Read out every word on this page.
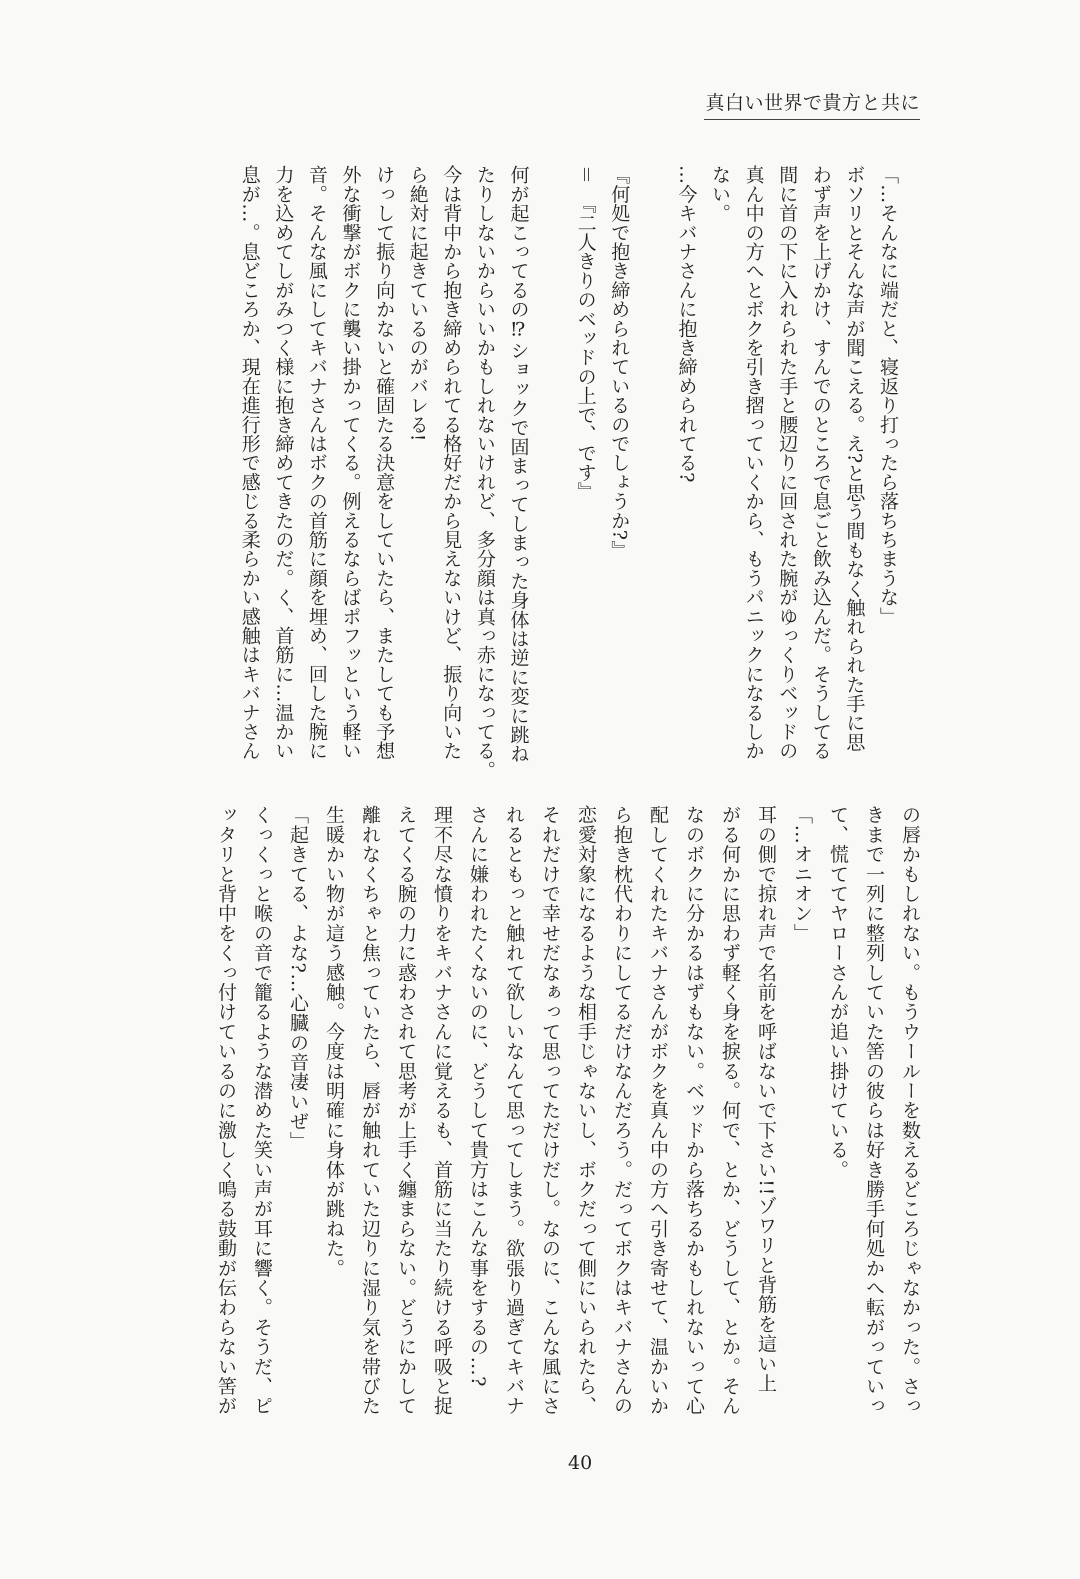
真白い世界で貴方と共に
「…そんなに端だと、寝返り打ったら落ちちまうな」
ボソリとそんな声が聞こえる。え?と思う間もなく触れられた手に思
わず声を上げかけ、すんでのところで息ごと飲み込んだ。そうしてる
間に首の下に入れられた手と腰辺りに回された腕がゆっくりベッドの
真ん中の方へとボクを引き摺っていくから、もうパニックになるしか
ない。
…今キバナさんに抱き締められてる?
『何処で抱き締められているのでしょうか?』
＝　『二人きりのベッドの上で、です』
何が起こってるの⁉ショックで固まってしまった身体は逆に変に跳ね
たりしないからいいかもしれないけれど、多分顔は真っ赤になってる。
今は背中から抱き締められてる格好だから見えないけど、振り向いた
ら絶対に起きているのがバレる!
けっして振り向かないと確固たる決意をしていたら、またしても予想
外な衝撃がボクに襲い掛かってくる。例えるならばポフッという軽い
音。そんな風にしてキバナさんはボクの首筋に顔を埋め、回した腕に
力を込めてしがみつく様に抱き締めてきたのだ。く、首筋に…温かい
息が…。息どころか、現在進行形で感じる柔らかい感触はキバナさん
の唇かもしれない。もうウールーを数えるどころじゃなかった。さっ
きまで一列に整列していた筈の彼らは好き勝手何処かへ転がっていっ
て、慌ててヤローさんが追い掛けている。
「…オニオン」
耳の側で掠れ声で名前を呼ばないで下さい!!ゾワリと背筋を這い上
がる何かに思わず軽く身を捩る。何で、とか、どうして、とか。そん
なのボクに分かるはずもない。ベッドから落ちるかもしれないって心
配してくれたキバナさんがボクを真ん中の方へ引き寄せて、温かいか
ら抱き枕代わりにしてるだけなんだろう。だってボクはキバナさんの
恋愛対象になるような相手じゃないし、ボクだって側にいられたら、
それだけで幸せだなぁって思ってただけだし。なのに、こんな風にさ
れるともっと触れて欲しいなんて思ってしまう。欲張り過ぎてキバナ
さんに嫌われたくないのに、どうして貴方はこんな事をするの…?
理不尽な憤りをキバナさんに覚えるも、首筋に当たり続ける呼吸と捉
えてくる腕の力に惑わされて思考が上手く纏まらない。どうにかして
離れなくちゃと焦っていたら、唇が触れていた辺りに湿り気を帯びた
生暖かい物が這う感触。今度は明確に身体が跳ねた。
「起きてる、よな?…心臓の音凄いぜ」
くっくっと喉の音で籠るような潜めた笑い声が耳に響く。そうだ、ピ
ッタリと背中をくっ付けているのに激しく鳴る鼓動が伝わらない筈が
40
